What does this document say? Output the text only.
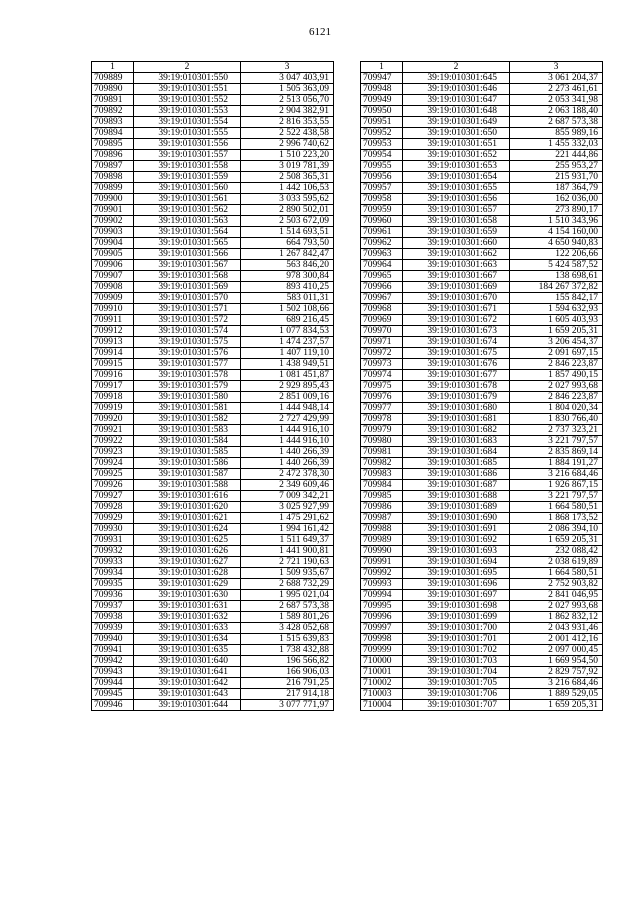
6121
1	2	3
709889	39:19:010301:550	3 047 403,91
709890	39:19:010301:551	1 505 363,09
709891	39:19:010301:552	2 513 056,70
709892	39:19:010301:553	2 904 382,91
709893	39:19:010301:554	2 816 353,55
709894	39:19:010301:555	2 522 438,58
709895	39:19:010301:556	2 996 740,62
709896	39:19:010301:557	1 510 223,20
709897	39:19:010301:558	3 019 781,39
709898	39:19:010301:559	2 508 365,31
709899	39:19:010301:560	1 442 106,53
709900	39:19:010301:561	3 033 595,62
709901	39:19:010301:562	2 890 502,01
709902	39:19:010301:563	2 503 672,09
709903	39:19:010301:564	1 514 693,51
709904	39:19:010301:565	664 793,50
709905	39:19:010301:566	1 267 842,47
709906	39:19:010301:567	563 846,20
709907	39:19:010301:568	978 300,84
709908	39:19:010301:569	893 410,25
709909	39:19:010301:570	583 011,31
709910	39:19:010301:571	1 502 108,66
709911	39:19:010301:572	689 216,45
709912	39:19:010301:574	1 077 834,53
709913	39:19:010301:575	1 474 237,57
709914	39:19:010301:576	1 407 119,10
709915	39:19:010301:577	1 438 949,51
709916	39:19:010301:578	1 081 451,87
709917	39:19:010301:579	2 929 895,43
709918	39:19:010301:580	2 851 009,16
709919	39:19:010301:581	1 444 948,14
709920	39:19:010301:582	2 727 429,99
709921	39:19:010301:583	1 444 916,10
709922	39:19:010301:584	1 444 916,10
709923	39:19:010301:585	1 440 266,39
709924	39:19:010301:586	1 440 266,39
709925	39:19:010301:587	2 472 378,30
709926	39:19:010301:588	2 349 609,46
709927	39:19:010301:616	7 009 342,21
709928	39:19:010301:620	3 025 927,99
709929	39:19:010301:621	1 475 291,62
709930	39:19:010301:624	1 994 161,42
709931	39:19:010301:625	1 511 649,37
709932	39:19:010301:626	1 441 900,81
709933	39:19:010301:627	2 721 190,63
709934	39:19:010301:628	1 509 935,67
709935	39:19:010301:629	2 688 732,29
709936	39:19:010301:630	1 995 021,04
709937	39:19:010301:631	2 687 573,38
709938	39:19:010301:632	1 589 801,26
709939	39:19:010301:633	3 428 052,68
709940	39:19:010301:634	1 515 639,83
709941	39:19:010301:635	1 738 432,88
709942	39:19:010301:640	196 566,82
709943	39:19:010301:641	166 906,03
709944	39:19:010301:642	216 791,25
709945	39:19:010301:643	217 914,18
709946	39:19:010301:644	3 077 771,97
1	2	3
709947	39:19:010301:645	3 061 204,37
709948	39:19:010301:646	2 273 461,61
709949	39:19:010301:647	2 053 341,98
709950	39:19:010301:648	2 063 188,40
709951	39:19:010301:649	2 687 573,38
709952	39:19:010301:650	855 989,16
709953	39:19:010301:651	1 455 332,03
709954	39:19:010301:652	221 444,86
709955	39:19:010301:653	255 953,27
709956	39:19:010301:654	215 931,70
709957	39:19:010301:655	187 364,79
709958	39:19:010301:656	162 036,00
709959	39:19:010301:657	273 890,17
709960	39:19:010301:658	1 510 343,96
709961	39:19:010301:659	4 154 160,00
709962	39:19:010301:660	4 650 940,83
709963	39:19:010301:662	122 206,66
709964	39:19:010301:663	5 424 587,52
709965	39:19:010301:667	138 698,61
709966	39:19:010301:669	184 267 372,82
709967	39:19:010301:670	155 842,17
709968	39:19:010301:671	1 594 632,93
709969	39:19:010301:672	1 605 403,93
709970	39:19:010301:673	1 659 205,31
709971	39:19:010301:674	3 206 454,37
709972	39:19:010301:675	2 091 697,15
709973	39:19:010301:676	2 846 223,87
709974	39:19:010301:677	1 857 490,15
709975	39:19:010301:678	2 027 993,68
709976	39:19:010301:679	2 846 223,87
709977	39:19:010301:680	1 804 020,34
709978	39:19:010301:681	1 830 766,40
709979	39:19:010301:682	2 737 323,21
709980	39:19:010301:683	3 221 797,57
709981	39:19:010301:684	2 835 869,14
709982	39:19:010301:685	1 884 191,27
709983	39:19:010301:686	3 216 684,46
709984	39:19:010301:687	1 926 867,15
709985	39:19:010301:688	3 221 797,57
709986	39:19:010301:689	1 664 580,51
709987	39:19:010301:690	1 868 173,52
709988	39:19:010301:691	2 086 394,10
709989	39:19:010301:692	1 659 205,31
709990	39:19:010301:693	232 088,42
709991	39:19:010301:694	2 038 619,89
709992	39:19:010301:695	1 664 580,51
709993	39:19:010301:696	2 752 903,82
709994	39:19:010301:697	2 841 046,95
709995	39:19:010301:698	2 027 993,68
709996	39:19:010301:699	1 862 832,12
709997	39:19:010301:700	2 043 931,46
709998	39:19:010301:701	2 001 412,16
709999	39:19:010301:702	2 097 000,45
710000	39:19:010301:703	1 669 954,50
710001	39:19:010301:704	2 829 757,92
710002	39:19:010301:705	3 216 684,46
710003	39:19:010301:706	1 889 529,05
710004	39:19:010301:707	1 659 205,31
